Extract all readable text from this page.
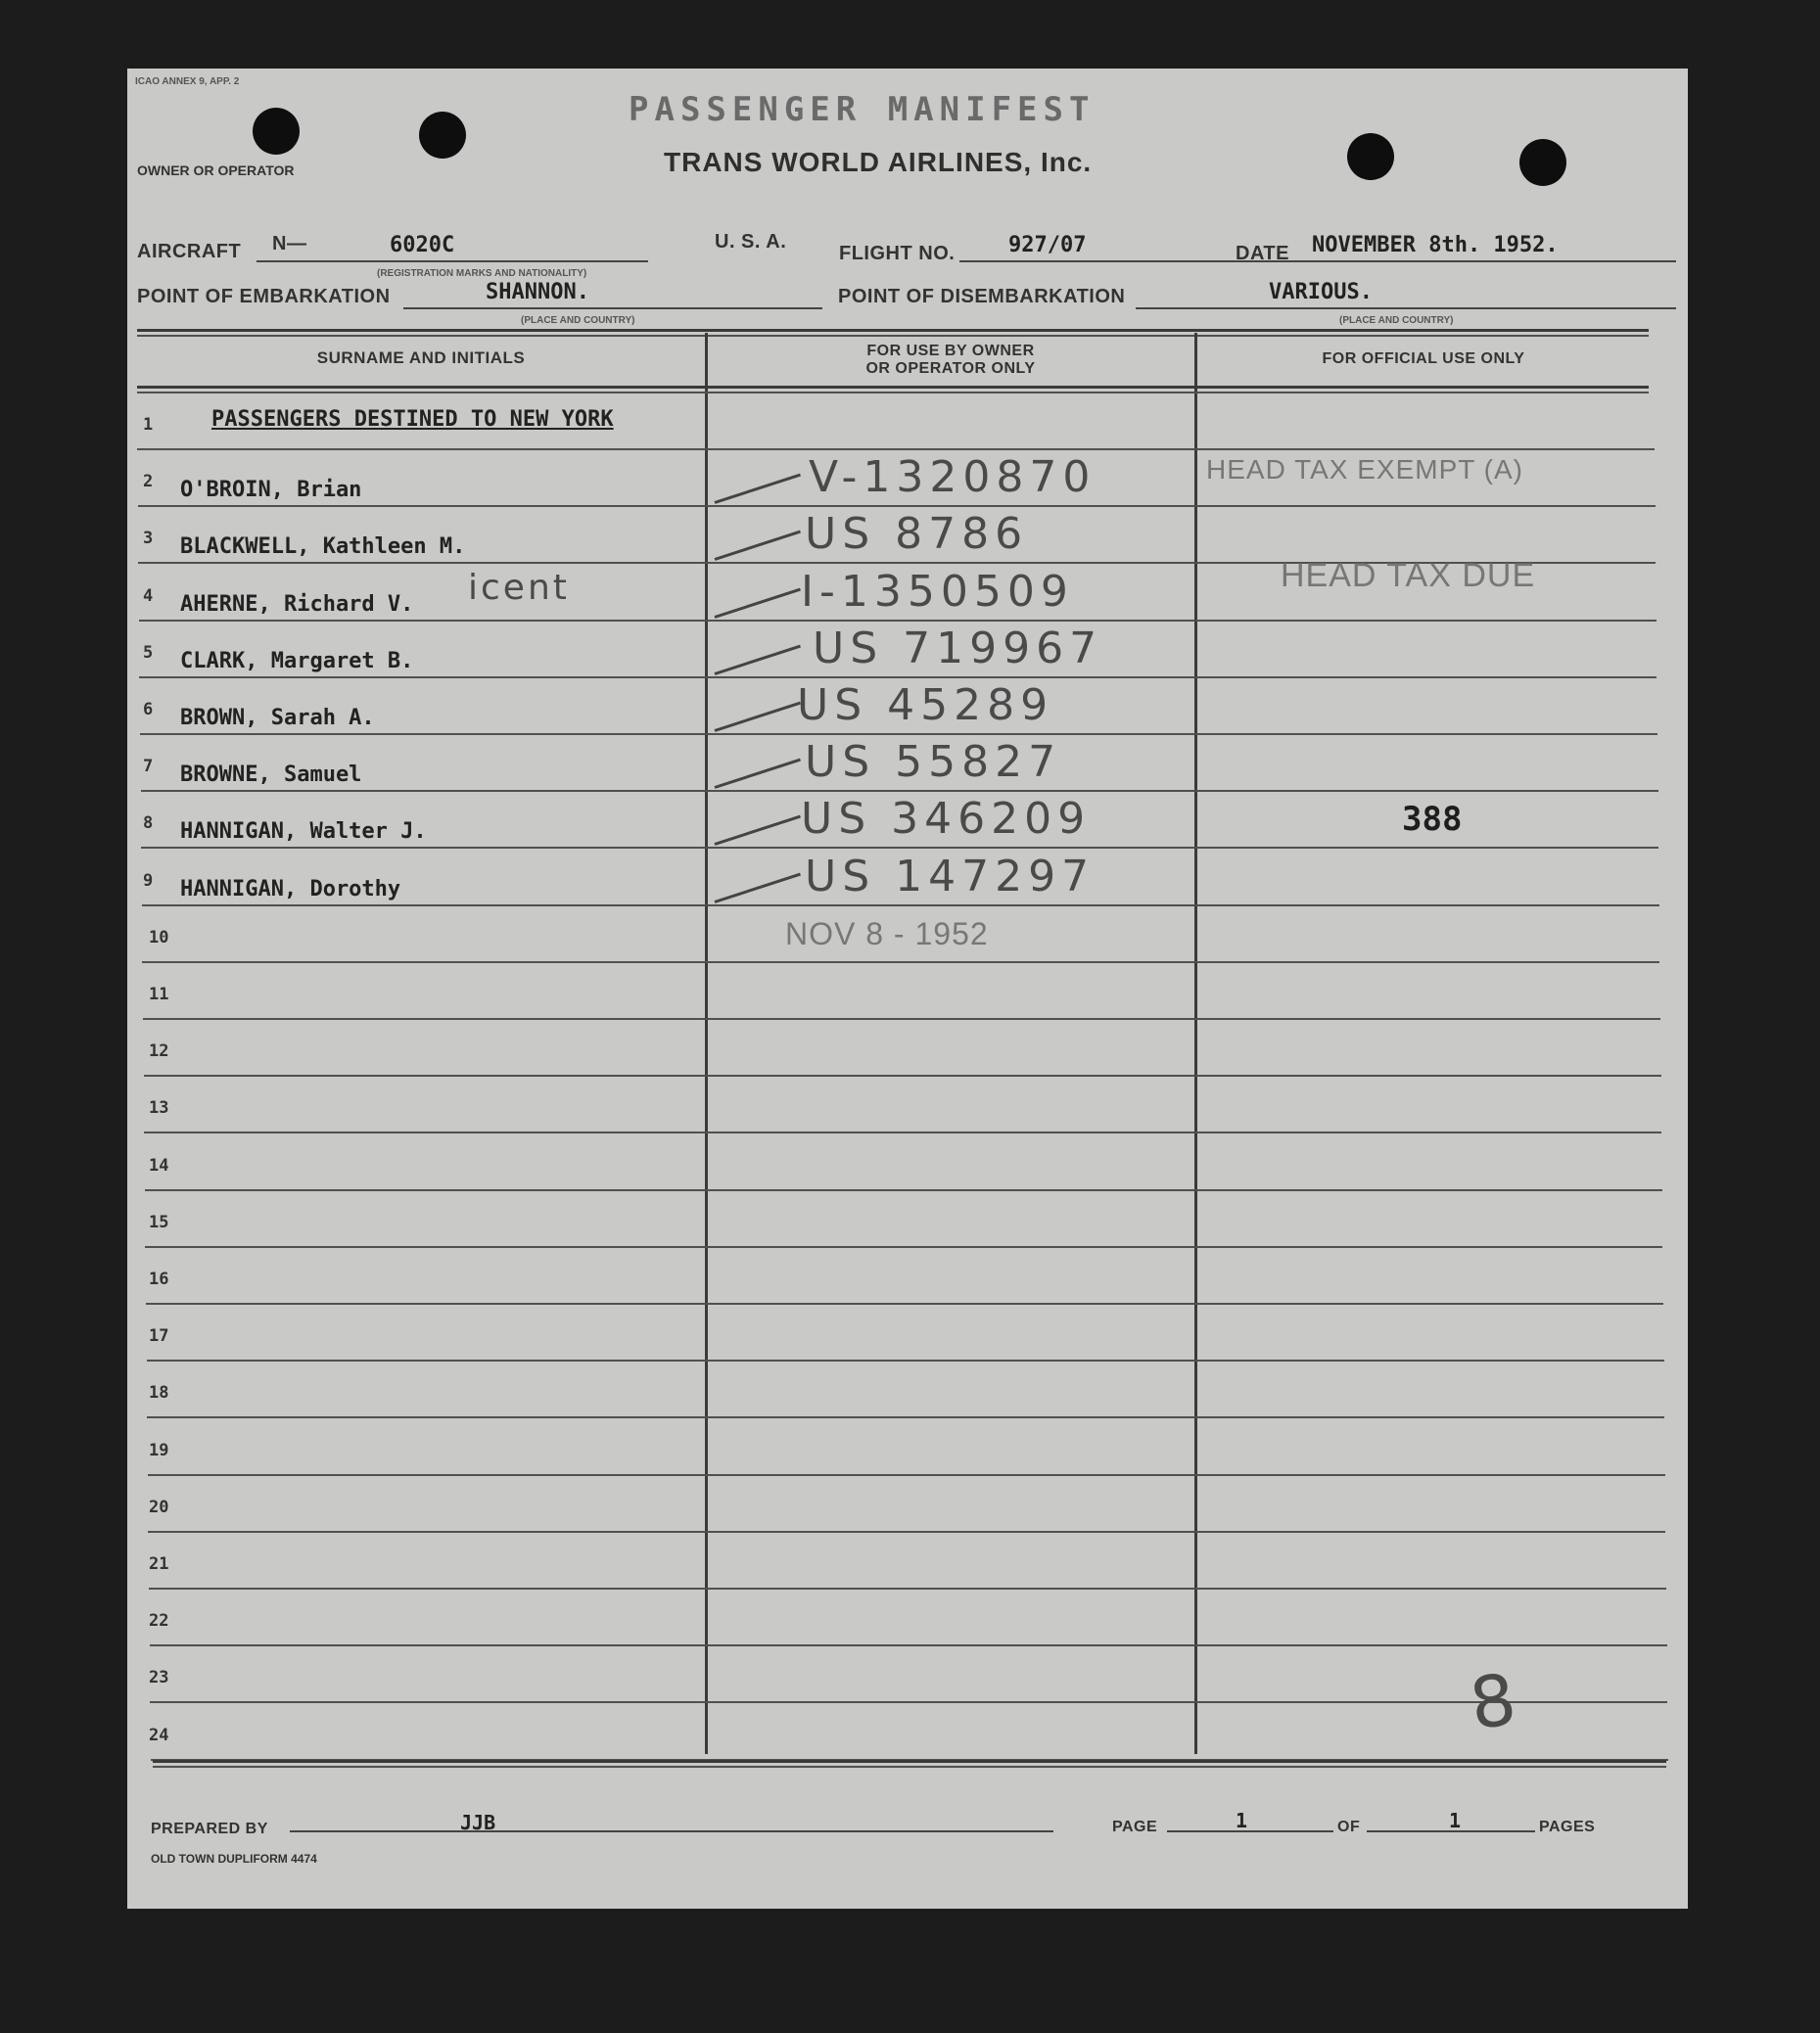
ICAO ANNEX 9, APP. 2
PASSENGER MANIFEST
TRANS WORLD AIRLINES, Inc.
OWNER OR OPERATOR
AIRCRAFT N—	6020C	U. S. A.
(REGISTRATION MARKS AND NATIONALITY)
FLIGHT NO. 927/07	DATE NOVEMBER 8th. 1952.
POINT OF EMBARKATION	SHANNON.
(PLACE AND COUNTRY)
POINT OF DISEMBARKATION	VARIOUS.
(PLACE AND COUNTRY)
SURNAME AND INITIALS	FOR USE BY OWNER
OR OPERATOR ONLY
FOR OFFICIAL USE ONLY
1	PASSENGERS DESTINED TO NEW YORK
2 O'BROIN, Brian	V-1320870	HEAD TAX EXEMPT (A)
3 BLACKWELL, Kathleen M.	US 8786
4 AHERNE, Richard V.	I-1350509	HEAD TAX DUE
5 CLARK, Margaret B.	US 719967
6 BROWN, Sarah A.	US 45289
7 BROWNE, Samuel	US 55827
8 HANNIGAN, Walter J.	US 346209	388
9 HANNIGAN, Dorothy	US 147297
10
11
12
13
14
15
16
17
18
19
20
21
22
23
24
icent
NOV 8 - 1952
8
PREPARED BY	JJB	PAGE	1	OF	1	PAGES
OLD TOWN DUPLIFORM 4474
